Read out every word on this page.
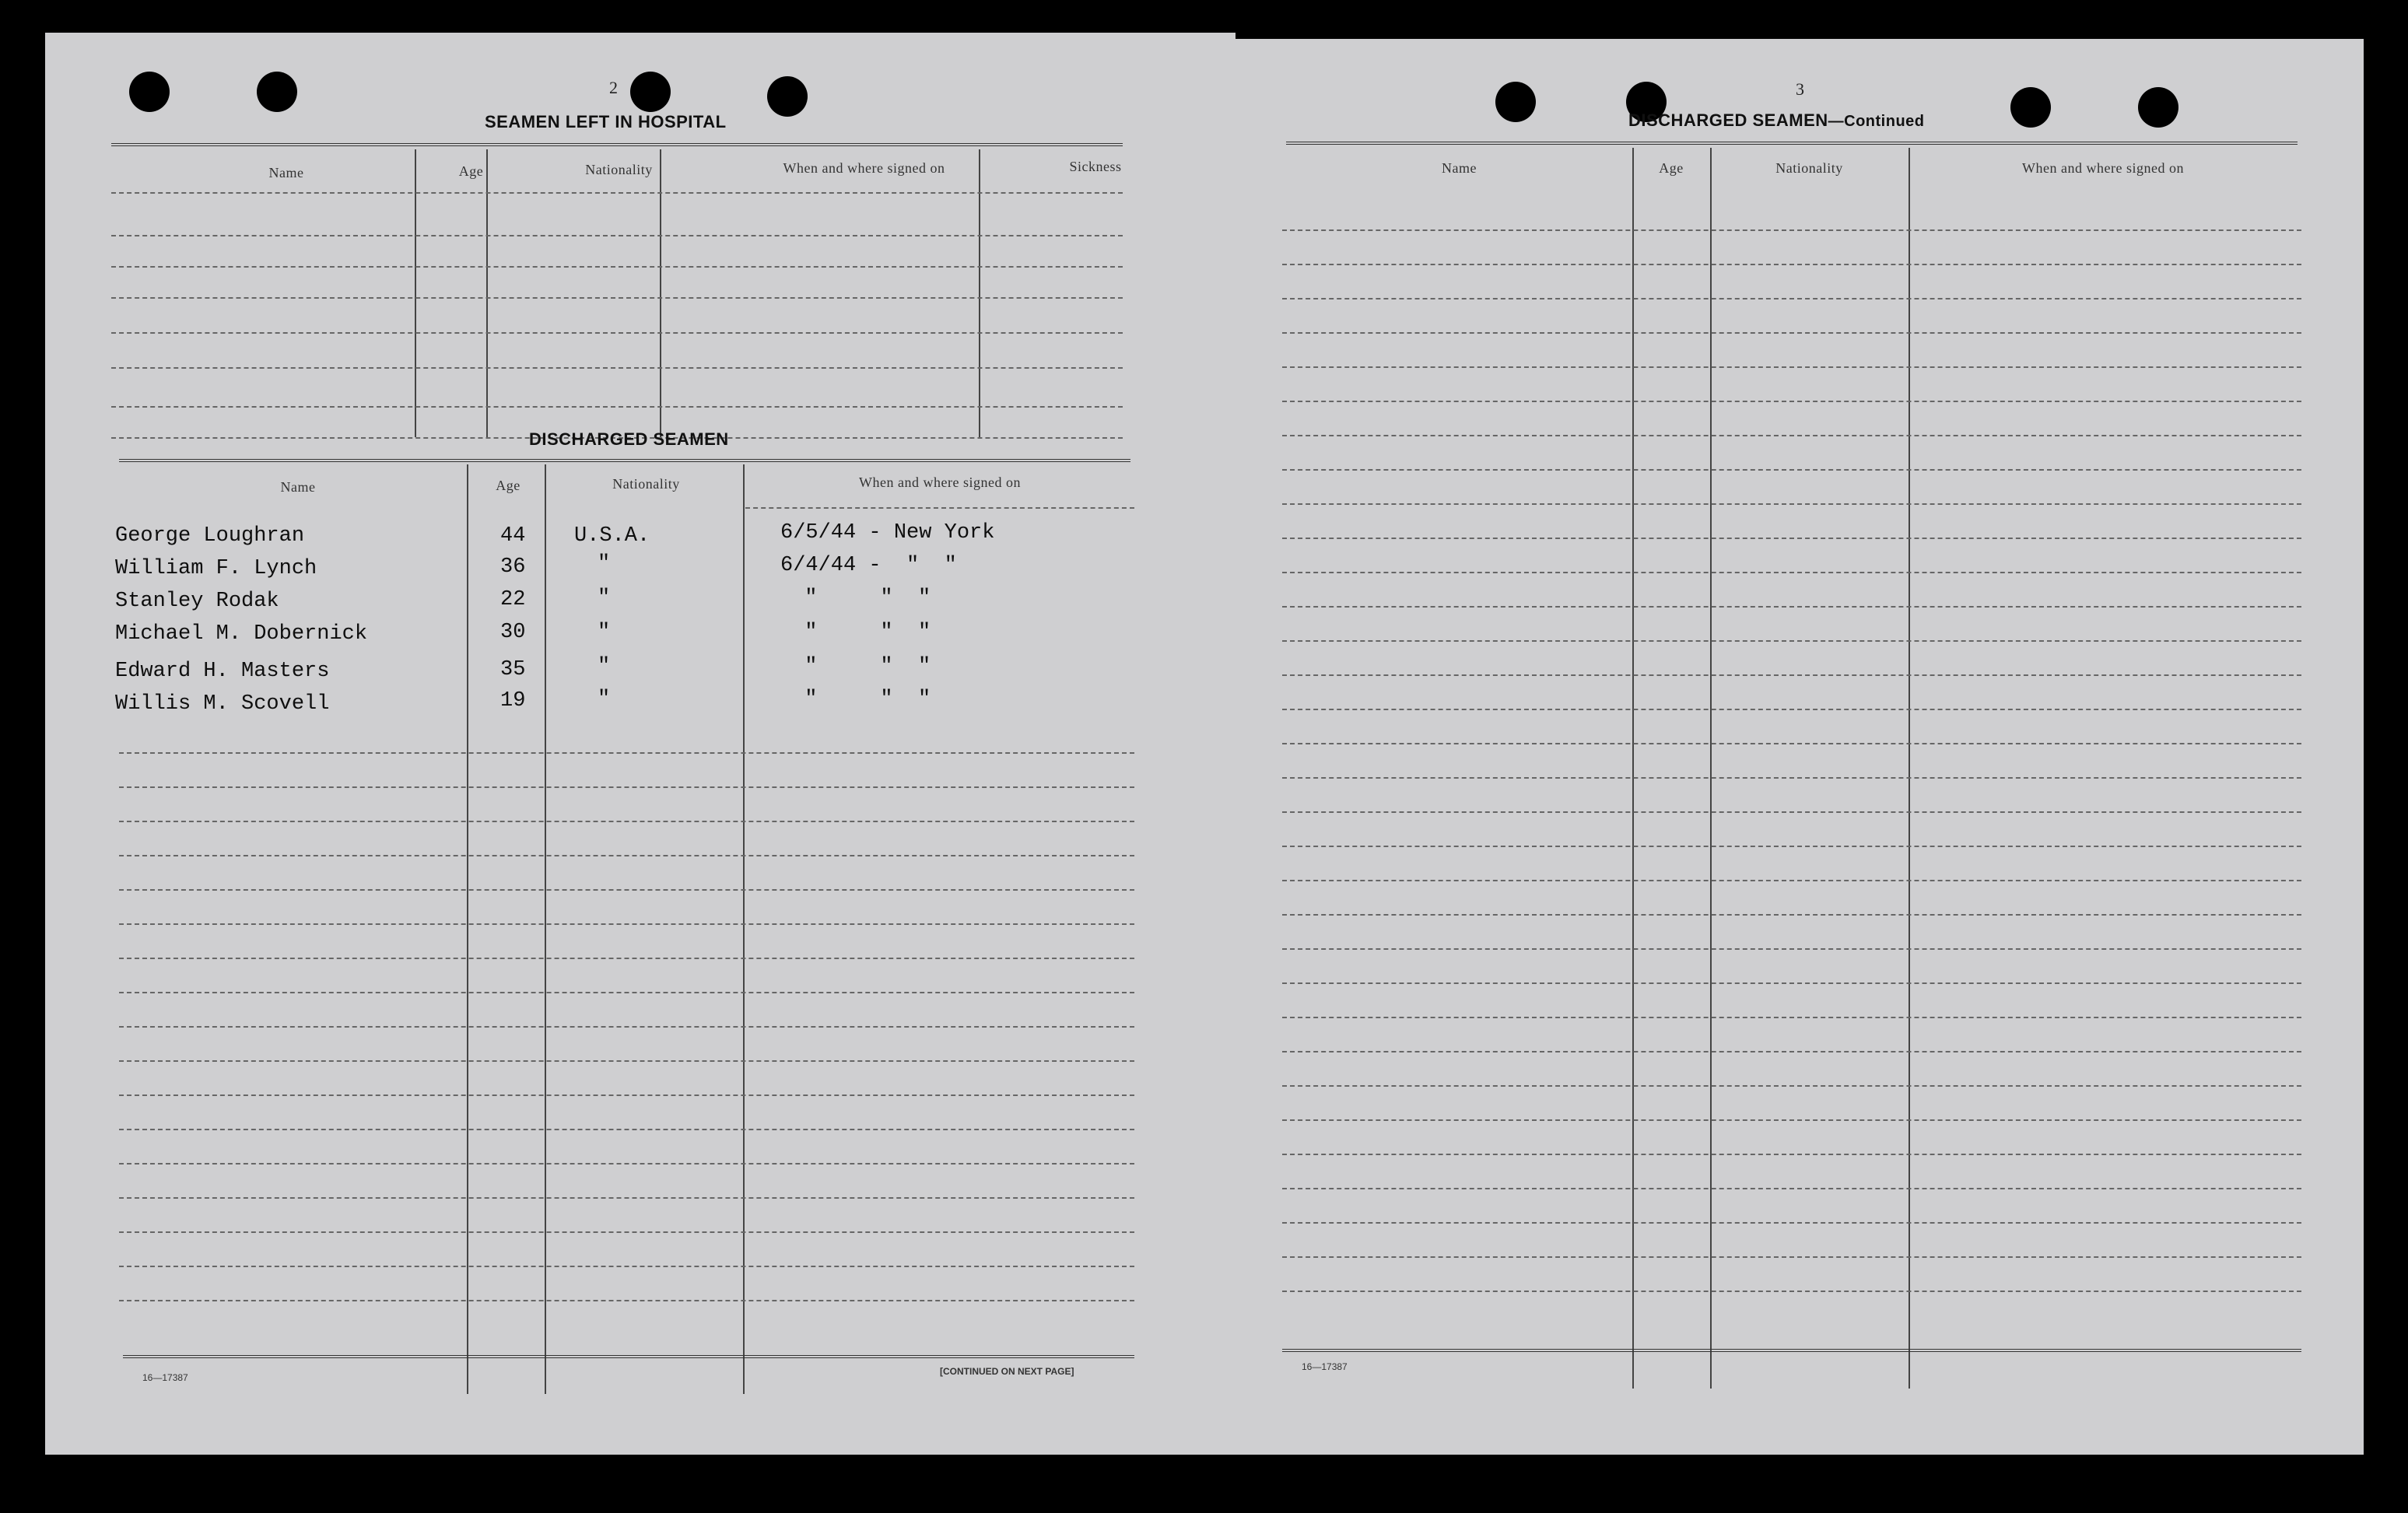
2
SEAMEN LEFT IN HOSPITAL
Name	Age	Nationality	When and where signed on	Sickness
DISCHARGED SEAMEN
Name	Age	Nationality	When and where signed on
George Loughran	44 U.S.A.	6/5/44 - New York
William F. Lynch	36	"	6/4/44 -  "  "
Stanley Rodak	22	"	"     "  "
Michael M. Dobernick	30	"	"     "  "
Edward H. Masters	35	"	"     "  "
Willis M. Scovell	19	"	"     "  "
16—17387
[CONTINUED ON NEXT PAGE]
3
DISCHARGED SEAMEN—Continued
Name	Age	Nationality	When and where signed on
16—17387
